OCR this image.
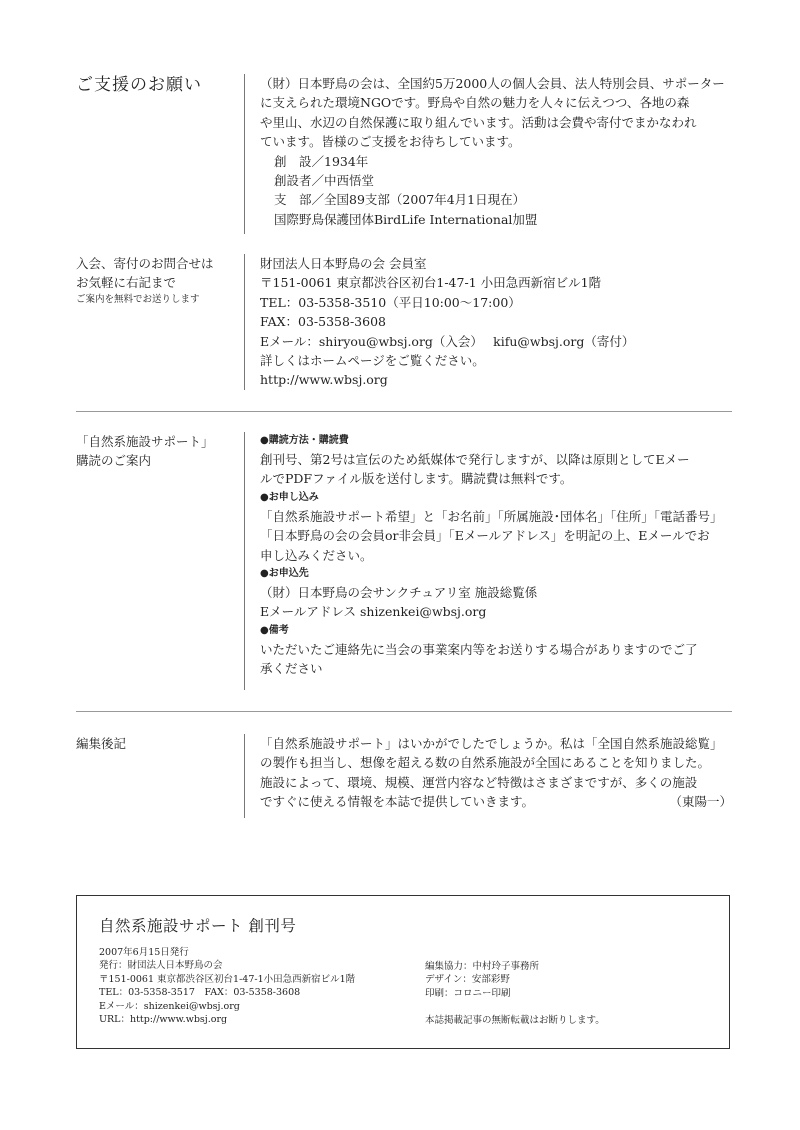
ご支援のお願い	（財）日本野鳥の会は、全国約5万2000人の個人会員、法人特別会員、サポーター

に支えられた環境NGOです。野鳥や自然の魅力を人々に伝えつつ、各地の森

や里山、水辺の自然保護に取り組んでいます。活動は会費や寄付でまかなわれ

ています。皆様のご支援をお待ちしています。

創　設／1934年

創設者／中西悟堂

支　部／全国89支部（2007年4月1日現在）

国際野鳥保護団体BirdLife International加盟

入会、寄付のお問合せは
お気軽に右記まで
ご案内を無料でお送りします

財団法人日本野鳥の会 会員室

〒151-0061 東京都渋谷区初台1-47-1 小田急西新宿ビル1階

TEL：03-5358-3510（平日10:00～17:00）

FAX：03-5358-3608

Eメール：shiryou@wbsj.org（入会）　 kifu@wbsj.org（寄付）

詳しくはホームページをご覧ください。

http://www.wbsj.org

「自然系施設サポート」
購読のご案内

●購読方法・購読費

創刊号、第2号は宣伝のため紙媒体で発行しますが、以降は原則としてEメー

ルでPDFファイル版を送付します。購読費は無料です。

●お申し込み

「自然系施設サポート希望」と「お名前」「所属施設･団体名」「住所」「電話番号」

「日本野鳥の会の会員or非会員」「Eメールアドレス」を明記の上、Eメールでお

申し込みください。

●お申込先

（財）日本野鳥の会サンクチュアリ室 施設総覧係

Eメールアドレス shizenkei@wbsj.org

●備考

いただいたご連絡先に当会の事業案内等をお送りする場合がありますのでご了

承ください

編集後記	「自然系施設サポート」はいかがでしたでしょうか。私は「全国自然系施設総覧」

の製作も担当し、想像を超える数の自然系施設が全国にあることを知りました。

施設によって、環境、規模、運営内容など特徴はさまざまですが、多くの施設

ですぐに使える情報を本誌で提供していきます。	（東陽一）

自然系施設サポート 創刊号

2007年6月15日発行

発行：財団法人日本野鳥の会

〒151-0061 東京都渋谷区初台1-47-1小田急西新宿ビル1階

TEL：03-5358-3517　FAX：03-5358-3608

Eメール：shizenkei@wbsj.org

URL：http://www.wbsj.org

編集協力：中村玲子事務所

デザイン：安部彩野

印刷：コロニー印刷

本誌掲載記事の無断転載はお断りします。
